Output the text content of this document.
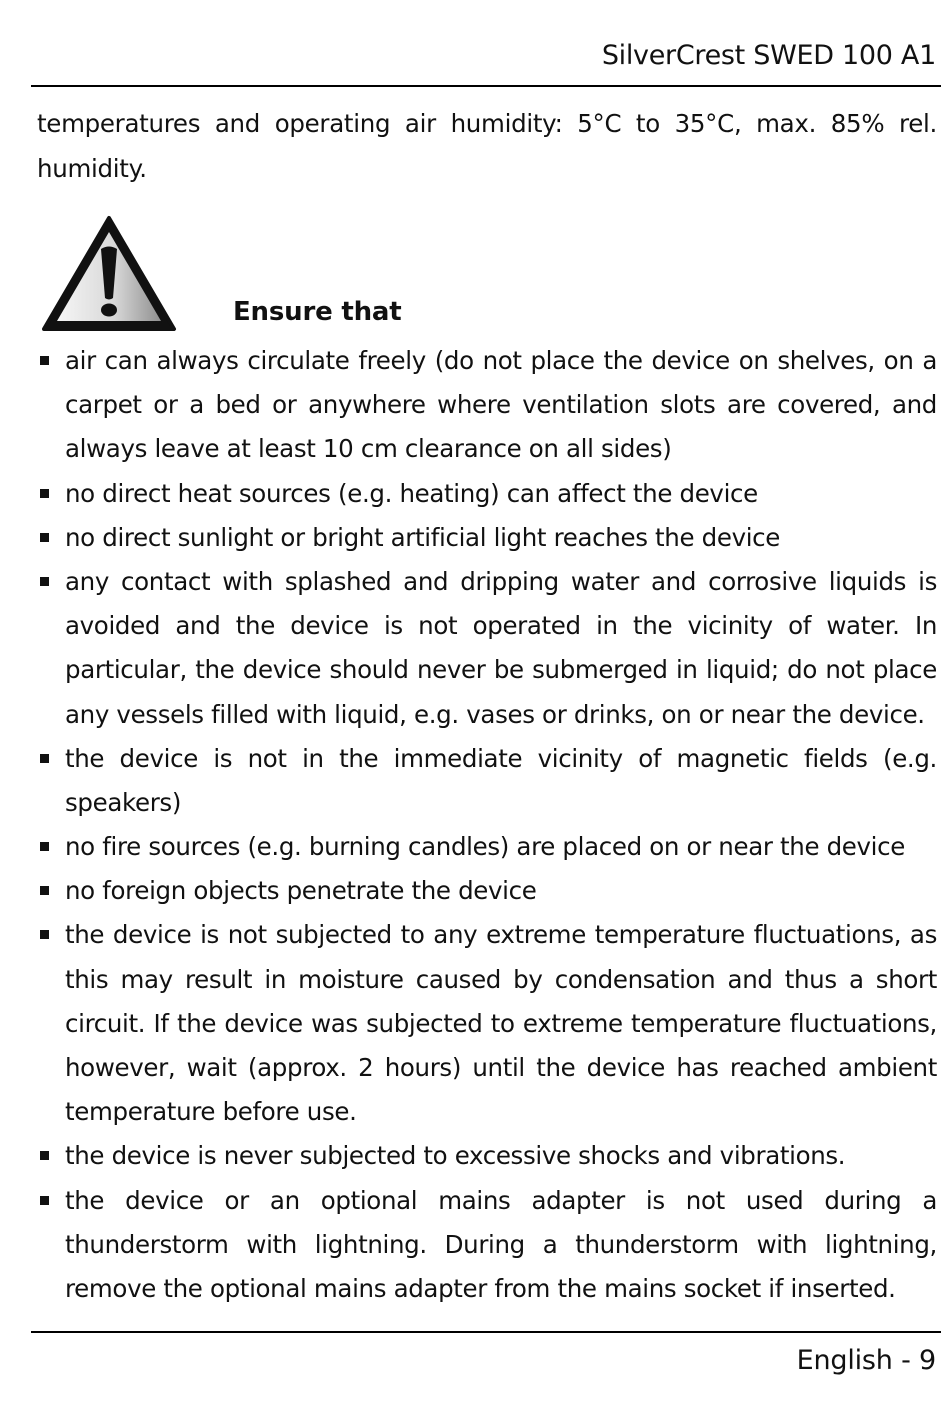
SilverCrest SWED 100 A1
temperatures and operating air humidity: 5°C to 35°C, max. 85% rel.
humidity.
Ensure that
air can always circulate freely (do not place the device on shelves, on a
carpet or a bed or anywhere where ventilation slots are covered, and
always leave at least 10 cm clearance on all sides)
no direct heat sources (e.g. heating) can affect the device
no direct sunlight or bright artificial light reaches the device
any contact with splashed and dripping water and corrosive liquids is
avoided and the device is not operated in the vicinity of water. In
particular, the device should never be submerged in liquid; do not place
any vessels filled with liquid, e.g. vases or drinks, on or near the device.
the device is not in the immediate vicinity of magnetic fields (e.g.
speakers)
no fire sources (e.g. burning candles) are placed on or near the device
no foreign objects penetrate the device
the device is not subjected to any extreme temperature fluctuations, as
this may result in moisture caused by condensation and thus a short
circuit. If the device was subjected to extreme temperature fluctuations,
however, wait (approx. 2 hours) until the device has reached ambient
temperature before use.
the device is never subjected to excessive shocks and vibrations.
the device or an optional mains adapter is not used during a
thunderstorm with lightning. During a thunderstorm with lightning,
remove the optional mains adapter from the mains socket if inserted.
English - 9
